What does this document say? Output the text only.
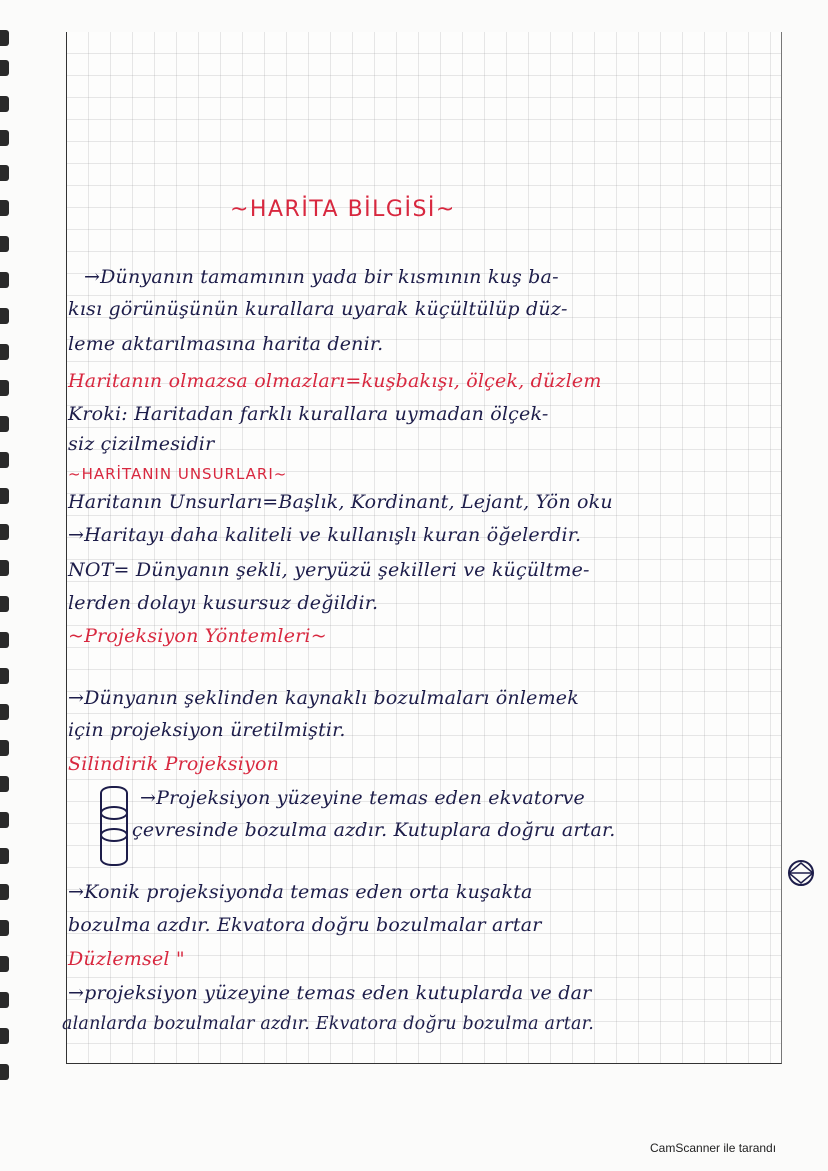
~HARİTA BİLGİSİ~

→Dünyanın tamamının yada bir kısmının kuş ba-

kısı görünüşünün kurallara uyarak küçültülüp düz-

leme aktarılmasına harita denir.

Haritanın olmazsa olmazları=kuşbakışı, ölçek, düzlem

Kroki: Haritadan farklı kurallara uymadan ölçek-

siz çizilmesidir

~HARİTANIN UNSURLARI~

Haritanın Unsurları=Başlık, Kordinant, Lejant, Yön oku

→Haritayı daha kaliteli ve kullanışlı kuran öğelerdir.

NOT= Dünyanın şekli, yeryüzü şekilleri ve küçültme-

lerden dolayı kusursuz değildir.

~Projeksiyon Yöntemleri~

→Dünyanın şeklinden kaynaklı bozulmaları önlemek

için projeksiyon üretilmiştir.

Silindirik Projeksiyon

→Projeksiyon yüzeyine temas eden ekvatorve

çevresinde bozulma azdır. Kutuplara doğru artar.

→Konik projeksiyonda temas eden orta kuşakta

bozulma azdır. Ekvatora doğru bozulmalar artar

Düzlemsel "

→projeksiyon yüzeyine temas eden kutuplarda ve dar

alanlarda bozulmalar azdır. Ekvatora doğru bozulma artar.

CamScanner ile tarandı
